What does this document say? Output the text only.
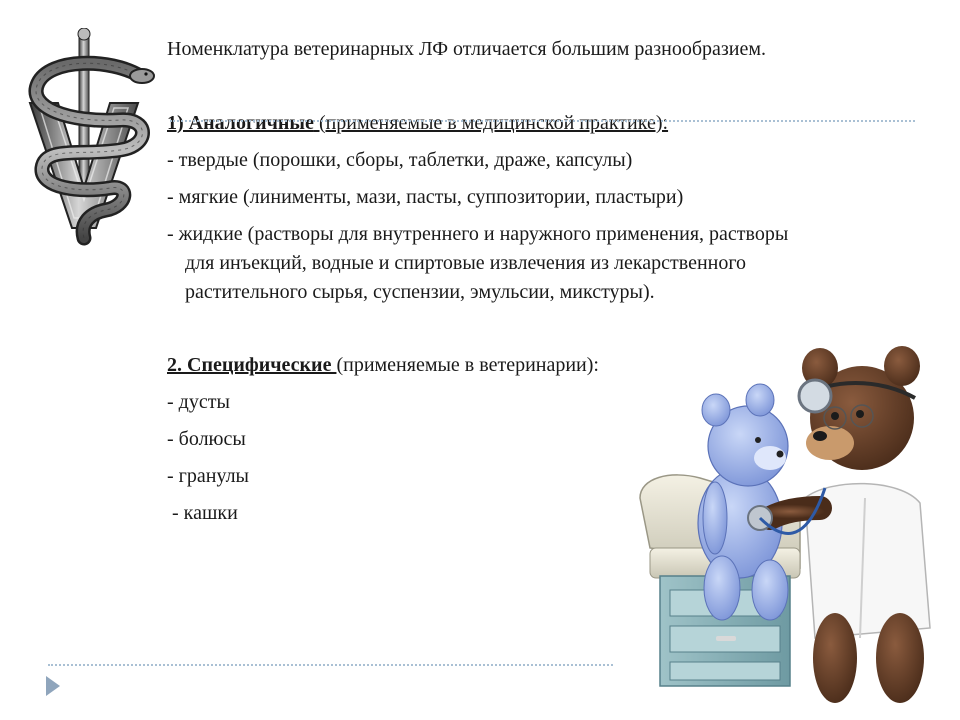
Номенклатура ветеринарных ЛФ отличается большим разнообразием.
1) Аналогичные (применяемые в медицинской практике):
- твердые (порошки, сборы, таблетки, драже, капсулы)
- мягкие (линименты, мази, пасты, суппозитории, пластыри)
- жидкие (растворы для внутреннего и наружного применения, растворы
для инъекций, водные и спиртовые извлечения из лекарственного
растительного сырья, суспензии, эмульсии, микстуры).
2. Специфические (применяемые в ветеринарии):
- дусты
- болюсы
- гранулы
- кашки
